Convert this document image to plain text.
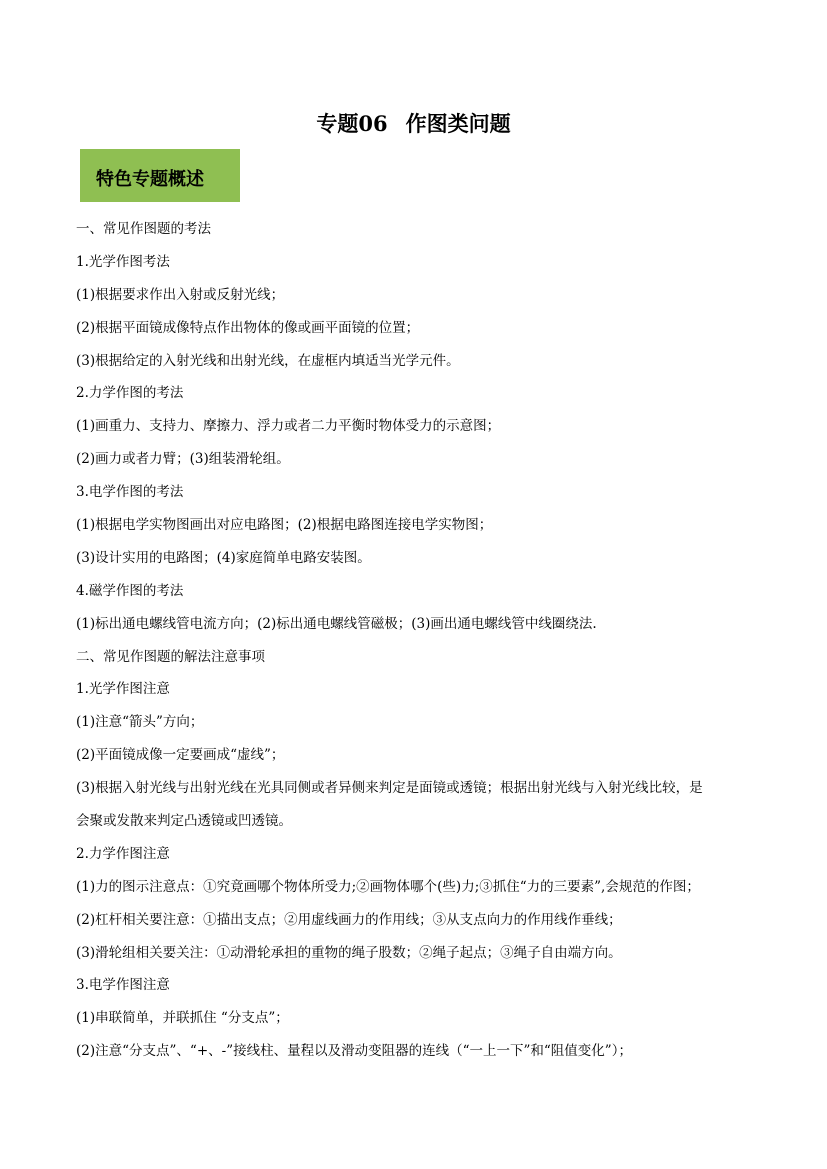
专题06 作图类问题
特色专题概述
一、常见作图题的考法
1.光学作图考法
(1)根据要求作出入射或反射光线；
(2)根据平面镜成像特点作出物体的像或画平面镜的位置；
(3)根据给定的入射光线和出射光线，在虚框内填适当光学元件。
2.力学作图的考法
(1)画重力、支持力、摩擦力、浮力或者二力平衡时物体受力的示意图；
(2)画力或者力臂；(3)组装滑轮组。
3.电学作图的考法
(1)根据电学实物图画出对应电路图；(2)根据电路图连接电学实物图；
(3)设计实用的电路图；(4)家庭简单电路安装图。
4.磁学作图的考法
(1)标出通电螺线管电流方向；(2)标出通电螺线管磁极；(3)画出通电螺线管中线圈绕法.
二、常见作图题的解法注意事项
1.光学作图注意
(1)注意“箭头”方向；
(2)平面镜成像一定要画成“虚线”；
(3)根据入射光线与出射光线在光具同侧或者异侧来判定是面镜或透镜；根据出射光线与入射光线比较，是
会聚或发散来判定凸透镜或凹透镜。
2.力学作图注意
(1)力的图示注意点：①究竟画哪个物体所受力;②画物体哪个(些)力;③抓住“力的三要素”,会规范的作图；
(2)杠杆相关要注意：①描出支点；②用虚线画力的作用线；③从支点向力的作用线作垂线；
(3)滑轮组相关要关注：①动滑轮承担的重物的绳子股数；②绳子起点；③绳子自由端方向。
3.电学作图注意
(1)串联简单，并联抓住 “分支点”；
(2)注意“分支点”、“+、-”接线柱、量程以及滑动变阻器的连线（“一上一下”和“阻值变化”）；
